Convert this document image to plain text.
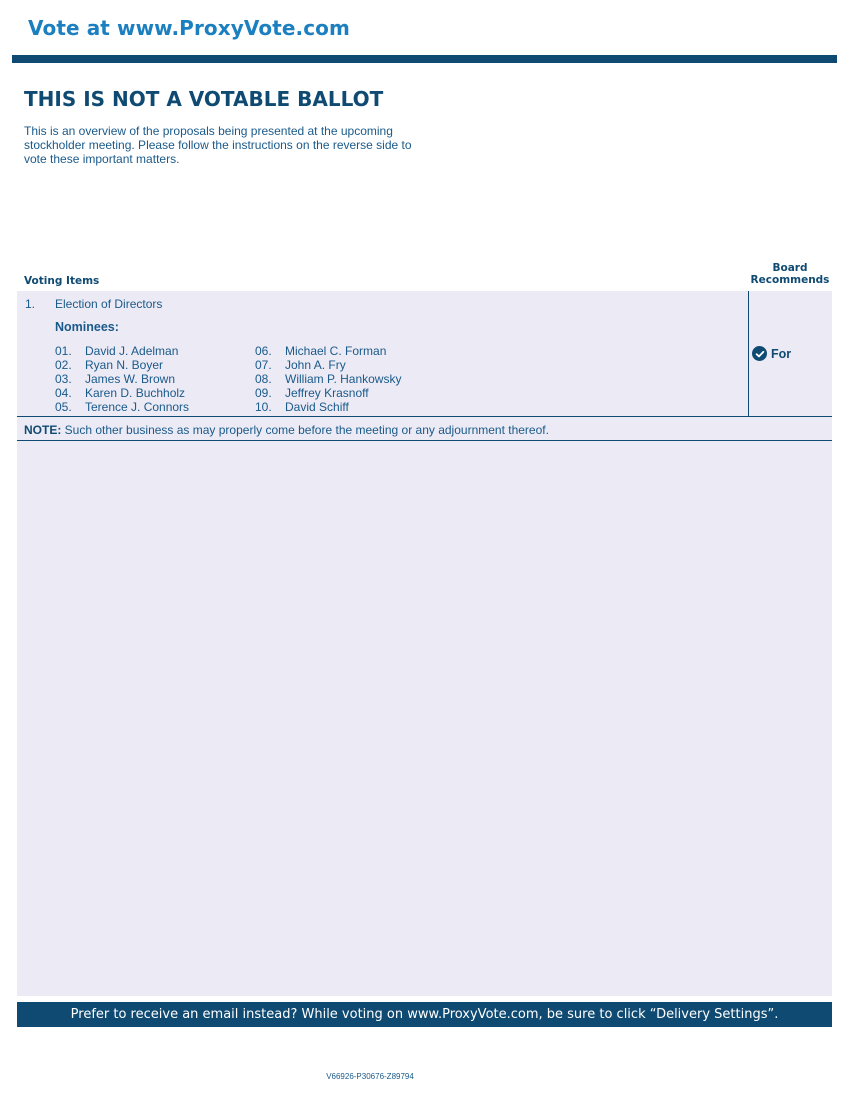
Vote at www.ProxyVote.com
THIS IS NOT A VOTABLE BALLOT
This is an overview of the proposals being presented at the upcoming stockholder meeting. Please follow the instructions on the reverse side to vote these important matters.
Voting Items
Board
Recommends
1. Election of Directors
Nominees:
01. David J. Adelman
02. Ryan N. Boyer
03. James W. Brown
04. Karen D. Buchholz
05. Terence J. Connors
06. Michael C. Forman
07. John A. Fry
08. William P. Hankowsky
09. Jeffrey Krasnoff
10. David Schiff
For
NOTE: Such other business as may properly come before the meeting or any adjournment thereof.
Prefer to receive an email instead? While voting on www.ProxyVote.com, be sure to click “Delivery Settings”.
V66926-P30676-Z89794
